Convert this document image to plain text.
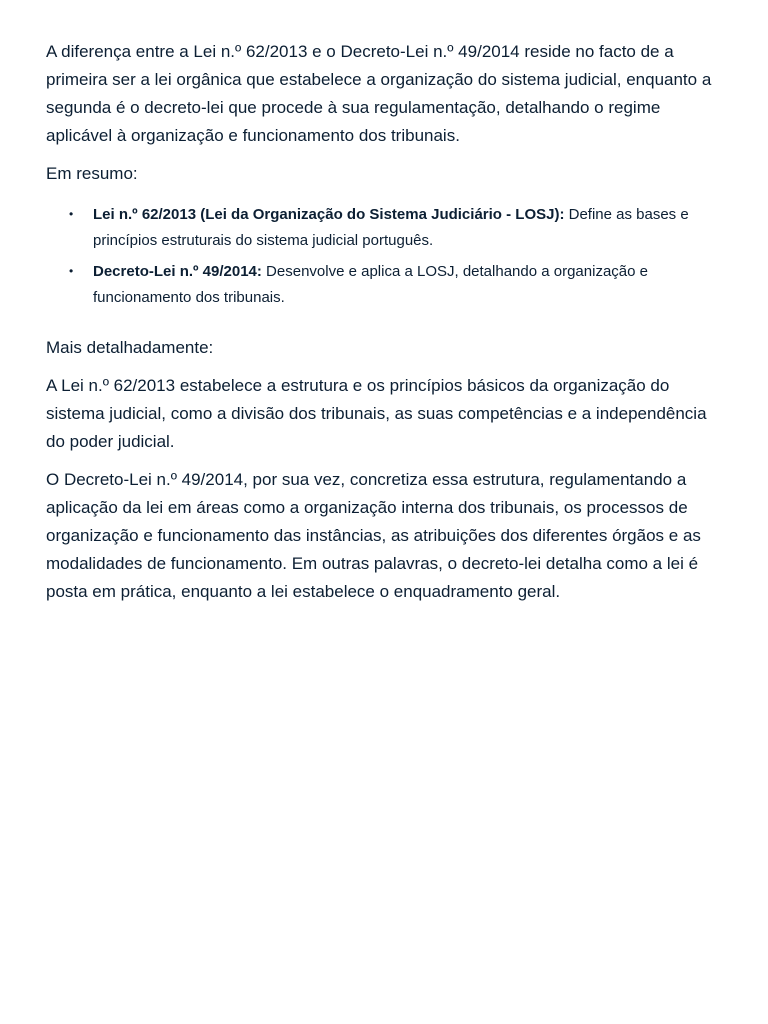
A diferença entre a Lei n.º 62/2013 e o Decreto-Lei n.º 49/2014 reside no facto de a primeira ser a lei orgânica que estabelece a organização do sistema judicial, enquanto a segunda é o decreto-lei que procede à sua regulamentação, detalhando o regime aplicável à organização e funcionamento dos tribunais.

Em resumo:

• Lei n.º 62/2013 (Lei da Organização do Sistema Judiciário - LOSJ): Define as bases e princípios estruturais do sistema judicial português.
• Decreto-Lei n.º 49/2014: Desenvolve e aplica a LOSJ, detalhando a organização e funcionamento dos tribunais.

Mais detalhadamente:

A Lei n.º 62/2013 estabelece a estrutura e os princípios básicos da organização do sistema judicial, como a divisão dos tribunais, as suas competências e a independência do poder judicial.

O Decreto-Lei n.º 49/2014, por sua vez, concretiza essa estrutura, regulamentando a aplicação da lei em áreas como a organização interna dos tribunais, os processos de organização e funcionamento das instâncias, as atribuições dos diferentes órgãos e as modalidades de funcionamento. Em outras palavras, o decreto-lei detalha como a lei é posta em prática, enquanto a lei estabelece o enquadramento geral.
